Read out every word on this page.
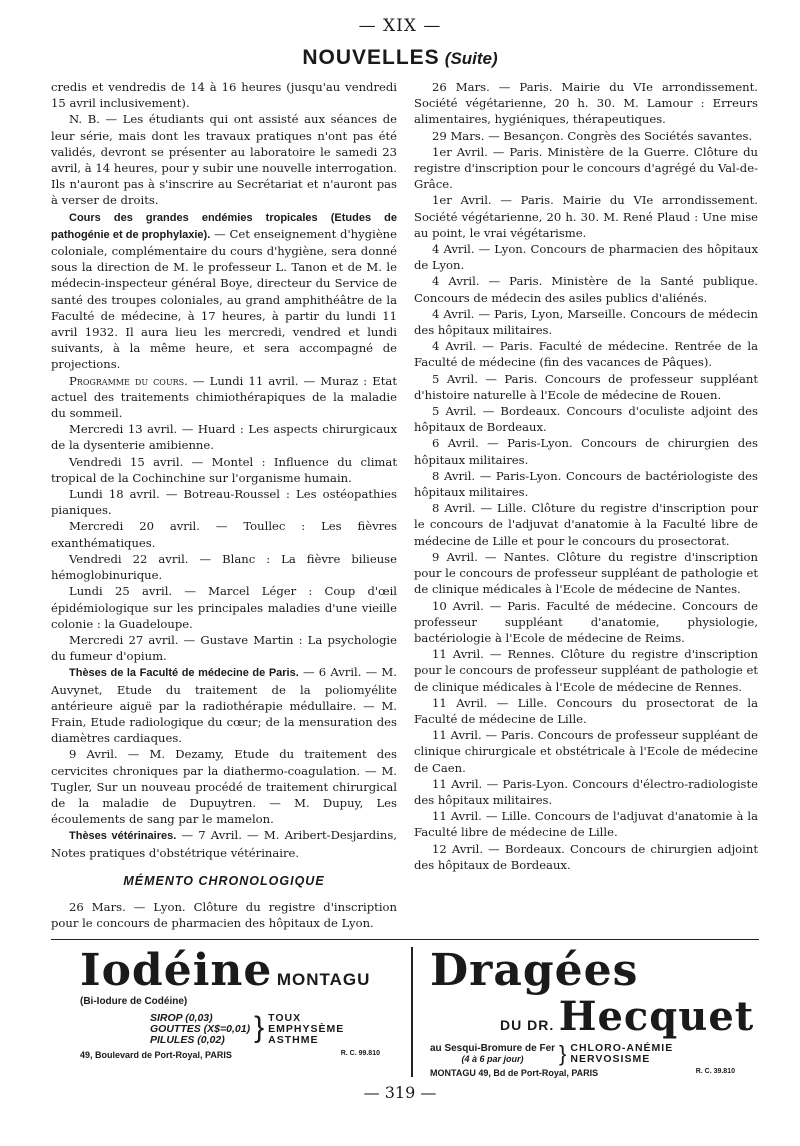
— XIX —
NOUVELLES (Suite)

credis et vendredis de 14 à 16 heures (jusqu'au vendredi 15 avril inclusivement).

N. B. — Les étudiants qui ont assisté aux séances de leur série, mais dont les travaux pratiques n'ont pas été validés, devront se présenter au laboratoire le samedi 23 avril, à 14 heures, pour y subir une nouvelle interrogation. Ils n'auront pas à s'inscrire au Secrétariat et n'auront pas à verser de droits.

Cours des grandes endémies tropicales (Etudes de pathogénie et de prophylaxie). — Cet enseignement d'hygiène coloniale, complémentaire du cours d'hygiène, sera donné sous la direction de M. le professeur L. Tanon et de M. le médecin-inspecteur général Boye, directeur du Service de santé des troupes coloniales, au grand amphithéâtre de la Faculté de médecine, à 17 heures, à partir du lundi 11 avril 1932. Il aura lieu les mercredi, vendred et lundi suivants, à la même heure, et sera accompagné de projections.

Programme du cours. — Lundi 11 avril. — Muraz : Etat actuel des traitements chimiothérapiques de la maladie du sommeil.

Mercredi 13 avril. — Huard : Les aspects chirurgicaux de la dysenterie amibienne.

Vendredi 15 avril. — Montel : Influence du climat tropical de la Cochinchine sur l'organisme humain.

Lundi 18 avril. — Botreau-Roussel : Les ostéopathies pianiques.

Mercredi 20 avril. — Toullec : Les fièvres exanthématiques.

Vendredi 22 avril. — Blanc : La fièvre bilieuse hémoglobinurique.

Lundi 25 avril. — Marcel Léger : Coup d'œil épidémiologique sur les principales maladies d'une vieille colonie : la Guadeloupe.

Mercredi 27 avril. — Gustave Martin : La psychologie du fumeur d'opium.

Thèses de la Faculté de médecine de Paris. — 6 Avril. — M. Auvynet, Etude du traitement de la poliomyélite antérieure aiguë par la radiothérapie médullaire. — M. Frain, Etude radiologique du cœur; de la mensuration des diamètres cardiaques.

9 Avril. — M. Dezamy, Etude du traitement des cervicites chroniques par la diathermo-coagulation. — M. Tugler, Sur un nouveau procédé de traitement chirurgical de la maladie de Dupuytren. — M. Dupuy, Les écoulements de sang par le mamelon.

Thèses vétérinaires. — 7 Avril. — M. Aribert-Desjardins, Notes pratiques d'obstétrique vétérinaire.

MÉMENTO CHRONOLOGIQUE

26 Mars. — Lyon. Clôture du registre d'inscription pour le concours de pharmacien des hôpitaux de Lyon.

26 Mars. — Paris. Mairie du VIe arrondissement. Société végétarienne, 20 h. 30. M. Lamour : Erreurs alimentaires, hygiéniques, thérapeutiques.

29 Mars. — Besançon. Congrès des Sociétés savantes.

1er Avril. — Paris. Ministère de la Guerre. Clôture du registre d'inscription pour le concours d'agrégé du Val-de-Grâce.

1er Avril. — Paris. Mairie du VIe arrondissement. Société végétarienne, 20 h. 30. M. René Plaud : Une mise au point, le vrai végétarisme.

4 Avril. — Lyon. Concours de pharmacien des hôpitaux de Lyon.

4 Avril. — Paris. Ministère de la Santé publique. Concours de médecin des asiles publics d'aliénés.

4 Avril. — Paris, Lyon, Marseille. Concours de médecin des hôpitaux militaires.

4 Avril. — Paris. Faculté de médecine. Rentrée de la Faculté de médecine (fin des vacances de Pâques).

5 Avril. — Paris. Concours de professeur suppléant d'histoire naturelle à l'Ecole de médecine de Rouen.

5 Avril. — Bordeaux. Concours d'oculiste adjoint des hôpitaux de Bordeaux.

6 Avril. — Paris-Lyon. Concours de chirurgien des hôpitaux militaires.

8 Avril. — Paris-Lyon. Concours de bactériologiste des hôpitaux militaires.

8 Avril. — Lille. Clôture du registre d'inscription pour le concours de l'adjuvat d'anatomie à la Faculté libre de médecine de Lille et pour le concours du prosectorat.

9 Avril. — Nantes. Clôture du registre d'inscription pour le concours de professeur suppléant de pathologie et de clinique médicales à l'Ecole de médecine de Nantes.

10 Avril. — Paris. Faculté de médecine. Concours de professeur suppléant d'anatomie, physiologie, bactériologie à l'Ecole de médecine de Reims.

11 Avril. — Rennes. Clôture du registre d'inscription pour le concours de professeur suppléant de pathologie et de clinique médicales à l'Ecole de médecine de Rennes.

11 Avril. — Lille. Concours du prosectorat de la Faculté de médecine de Lille.

11 Avril. — Paris. Concours de professeur suppléant de clinique chirurgicale et obstétricale à l'Ecole de médecine de Caen.

11 Avril. — Paris-Lyon. Concours d'électro-radiologiste des hôpitaux militaires.

11 Avril. — Lille. Concours de l'adjuvat d'anatomie à la Faculté libre de médecine de Lille.

12 Avril. — Bordeaux. Concours de chirurgien adjoint des hôpitaux de Bordeaux.

Iodéine MONTAGU
(Bi-Iodure de Codéine)
SIROP (0,03)
GOUTTES (X$=0,01)
PILULES (0,02) } TOUX
EMPHYSÈME
ASTHME
49, Boulevard de Port-Royal, PARIS	R. C. 99.810
Dragées
DU DR. Hecquet
au Sesqui-Bromure de Fer
(4 à 6 par jour)	} CHLORO-ANÉMIE
NERVOSISME
MONTAGU 49, Bd de Port-Royal, PARIS	R. C. 39.810
— 319 —
